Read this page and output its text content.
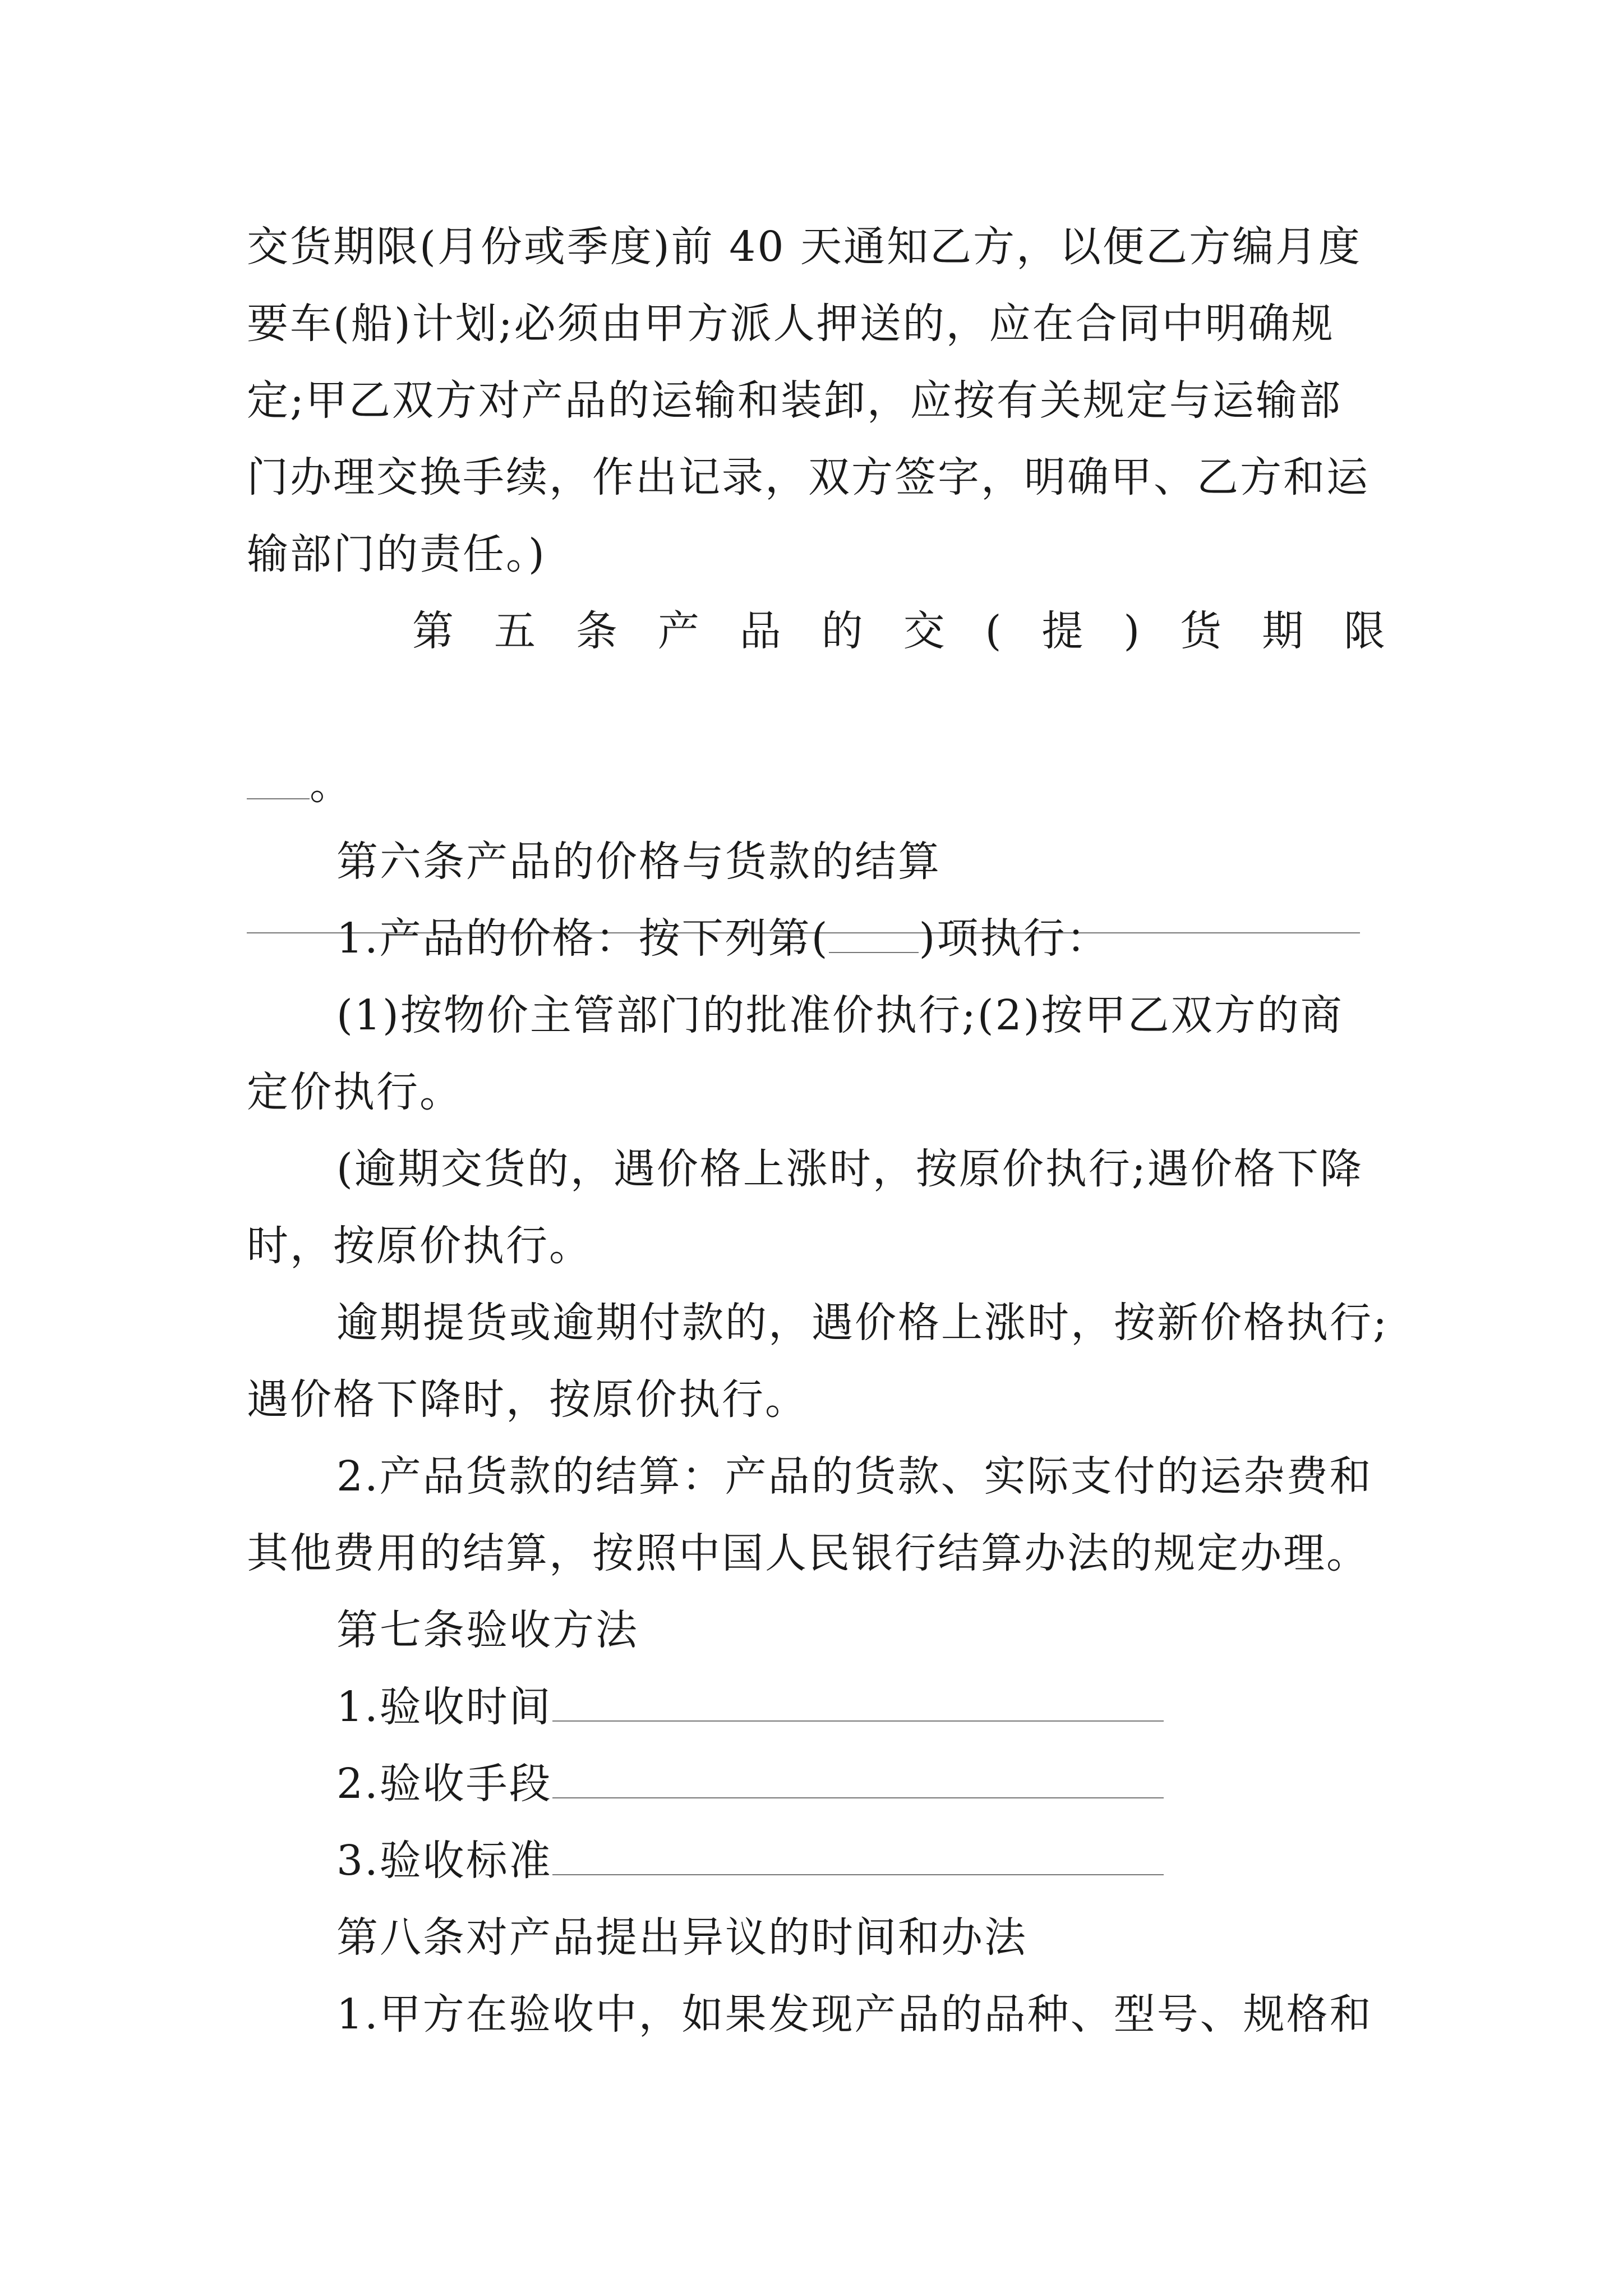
交货期限(月份或季度)前 40 天通知乙方，以便乙方编月度
要车(船)计划;必须由甲方派人押送的，应在合同中明确规
定;甲乙双方对产品的运输和装卸，应按有关规定与运输部
门办理交换手续，作出记录，双方签字，明确甲、乙方和运
输部门的责任。)
第 五 条 产 品 的 交 ( 提 ) 货 期 限
。
第六条产品的价格与货款的结算
1.产品的价格：按下列第( )项执行：
(1)按物价主管部门的批准价执行;(2)按甲乙双方的商
定价执行。
(逾期交货的，遇价格上涨时，按原价执行;遇价格下降
时，按原价执行。
逾期提货或逾期付款的，遇价格上涨时，按新价格执行;
遇价格下降时，按原价执行。
2.产品货款的结算：产品的货款、实际支付的运杂费和
其他费用的结算，按照中国人民银行结算办法的规定办理。
第七条验收方法
1.验收时间
2.验收手段
3.验收标准
第八条对产品提出异议的时间和办法
1.甲方在验收中，如果发现产品的品种、型号、规格和
